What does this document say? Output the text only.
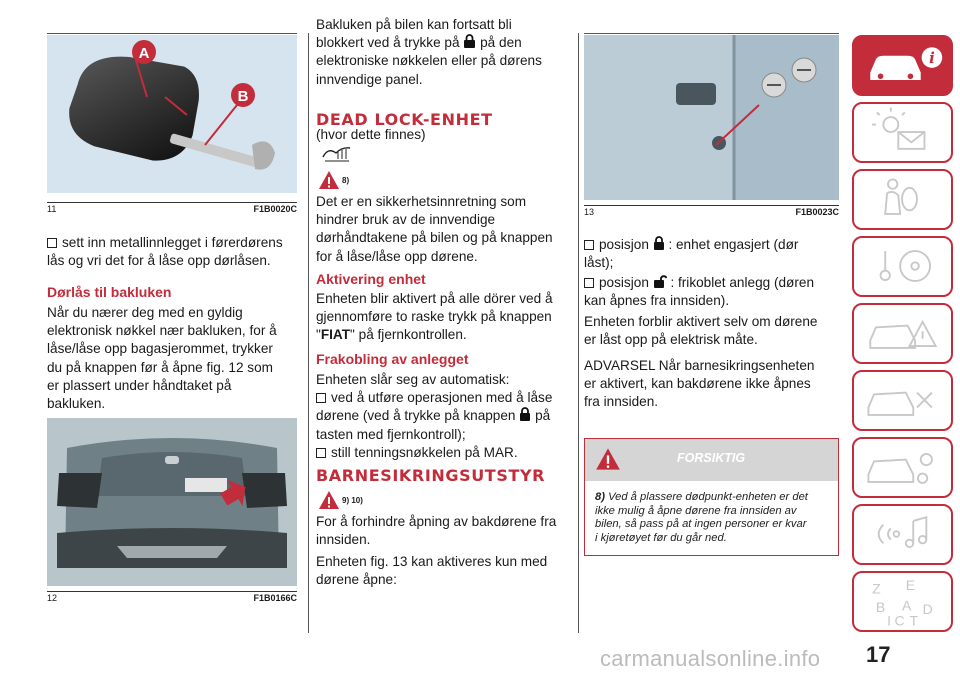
A
B
11	F1B0020C
sett inn metallinnlegget i førerdørens
lås og vri det for å låse opp dørlåsen.
Dørlås til bakluken
Når du nærer deg med en gyldig
elektronisk nøkkel nær bakluken, for å
låse/låse opp bagasjerommet, trykker
du på knappen før å åpne fig. 12 som
er plassert under håndtaket på
bakluken.
12	F1B0166C
Bakluken på bilen kan fortsatt bli
blokkert ved å trykke på på den
elektroniske nøkkelen eller på dørens
innvendige panel.
DEAD LOCK-ENHET
(hvor dette finnes)
8)
Det er en sikkerhetsinnretning som
hindrer bruk av de innvendige
dørhåndtakene på bilen og på knappen
for å låse/låse opp dørene.
Aktivering enhet
Enheten blir aktivert på alle dörer ved å
gjennomføre to raske trykk på knappen
"FIAT" på fjernkontrollen.
Frakobling av anlegget
Enheten slår seg av automatisk:
ved å utføre operasjonen med å låse
dørene (ved å trykke på knappen på
tasten med fjernkontroll);
still tenningsnøkkelen på MAR.
BARNESIKRINGSUTSTYR
9) 10)
For å forhindre åpning av bakdørene fra
innsiden.
Enheten fig. 13 kan aktiveres kun med
dørene åpne:
13	F1B0023C
posisjon : enhet engasjert (dør
låst);
posisjon : frikoblet anlegg (døren
kan åpnes fra innsiden).
Enheten forblir aktivert selv om dørene
er låst opp på elektrisk måte.
ADVARSEL Når barnesikringsenheten
er aktivert, kan bakdørene ikke åpnes
fra innsiden.
FORSIKTIG
8) Ved å plassere dødpunkt-enheten er det
ikke mulig å åpne dørene fra innsiden av
bilen, så pass på at ingen personer er kvar
i kjøretøyet før du går ned.
i
Z E
B A D
I C T
17
carmanualsonline.info
